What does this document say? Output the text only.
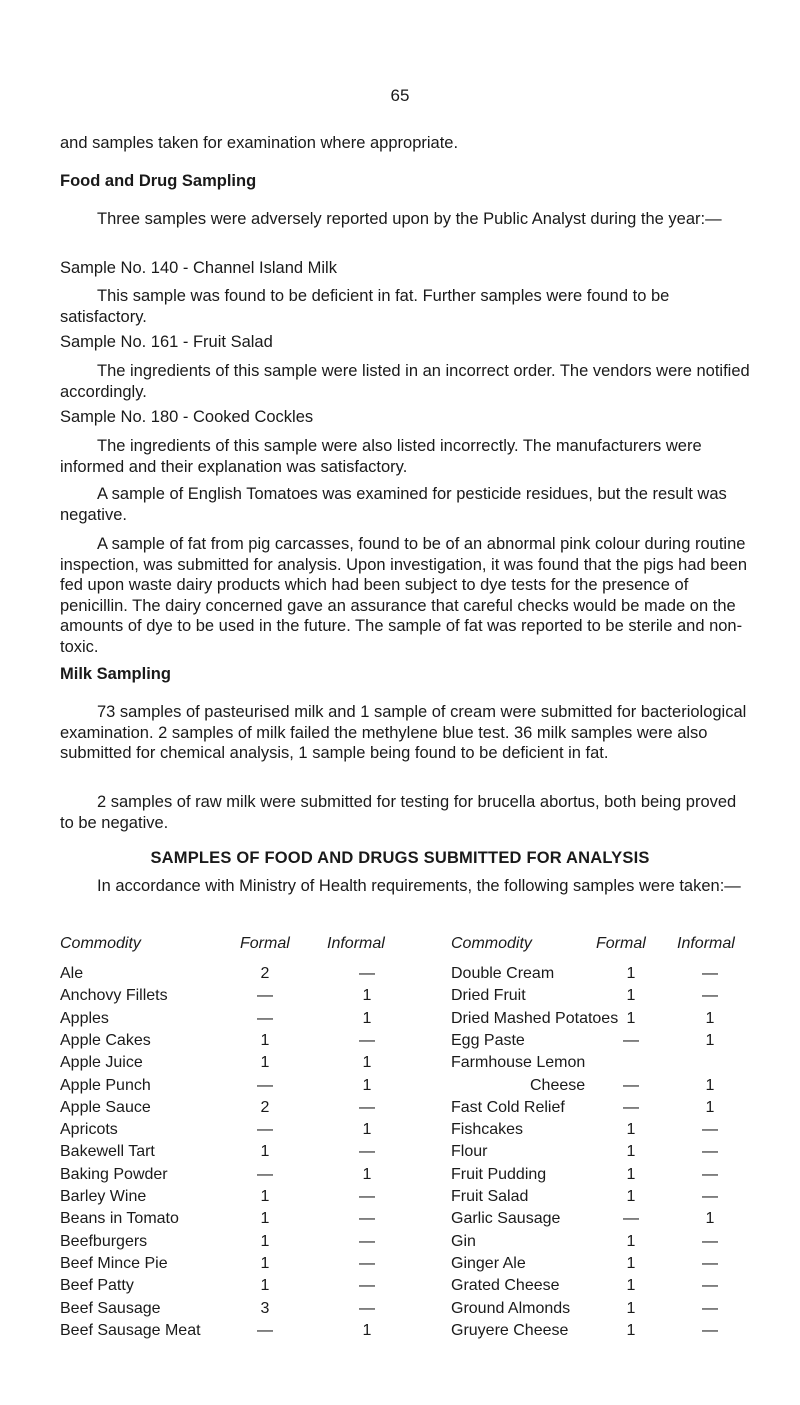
65

and samples taken for examination where appropriate.

Food and Drug Sampling

Three samples were adversely reported upon by the Public Analyst during the year:—

Sample No. 140 - Channel Island Milk

This sample was found to be deficient in fat. Further samples were found to be satisfactory.

Sample No. 161 - Fruit Salad

The ingredients of this sample were listed in an incorrect order. The vendors were notified accordingly.

Sample No. 180 - Cooked Cockles

The ingredients of this sample were also listed incorrectly. The manufacturers were informed and their explanation was satisfactory.

A sample of English Tomatoes was examined for pesticide residues, but the result was negative.

A sample of fat from pig carcasses, found to be of an abnormal pink colour during routine inspection, was submitted for analysis. Upon investigation, it was found that the pigs had been fed upon waste dairy products which had been subject to dye tests for the presence of penicillin. The dairy concerned gave an assurance that careful checks would be made on the amounts of dye to be used in the future. The sample of fat was reported to be sterile and non-toxic.

Milk Sampling

73 samples of pasteurised milk and 1 sample of cream were submitted for bacteriological examination. 2 samples of milk failed the methylene blue test. 36 milk samples were also submitted for chemical analysis, 1 sample being found to be deficient in fat.

2 samples of raw milk were submitted for testing for brucella abortus, both being proved to be negative.

SAMPLES OF FOOD AND DRUGS SUBMITTED FOR ANALYSIS

In accordance with Ministry of Health requirements, the following samples were taken:—

Commodity	Formal Informal
Ale	2	—
Anchovy Fillets	—	1
Apples	—	1
Apple Cakes	1	—
Apple Juice	1	1
Apple Punch	—	1
Apple Sauce	2	—
Apricots	—	1
Bakewell Tart	1	—
Baking Powder	—	1
Barley Wine	1	—
Beans in Tomato	1	—
Beefburgers	1	—
Beef Mince Pie	1	—
Beef Patty	1	—
Beef Sausage	3	—
Beef Sausage Meat	—	1
Commodity	Formal Informal
Double Cream	1	—
Dried Fruit	1	—
Dried Mashed Potatoes 1	1
Egg Paste	—	1
Farmhouse Lemon
Cheese	—	1
Fast Cold Relief	—	1
Fishcakes	1	—
Flour	1	—
Fruit Pudding	1	—
Fruit Salad	1	—
Garlic Sausage	—	1
Gin	1	—
Ginger Ale	1	—
Grated Cheese	1	—
Ground Almonds	1	—
Gruyere Cheese	1	—
